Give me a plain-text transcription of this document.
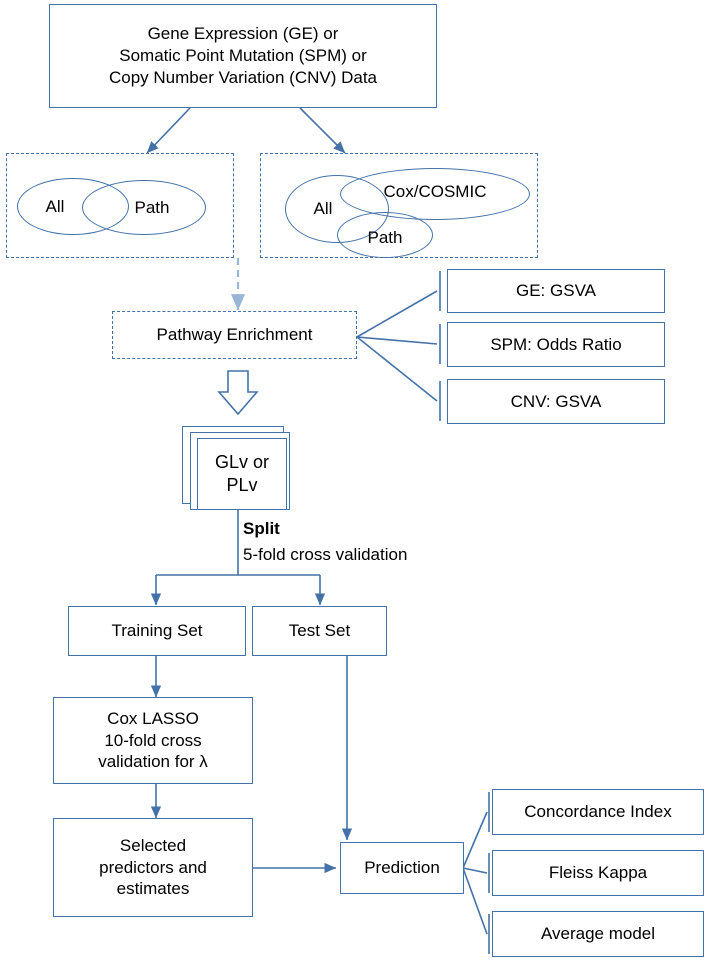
Gene Expression (GE) or
Somatic Point Mutation (SPM) or
Copy Number Variation (CNV) Data
All	Path	All
Cox/COSMIC
Path
Pathway Enrichment
GE: GSVA
SPM: Odds Ratio
CNV: GSVA
GLv or
PLv
Split
5-fold cross validation
Training Set	Test Set
Cox LASSO
10-fold cross
validation for λ
Selected
predictors and
estimates
Prediction
Concordance Index
Fleiss Kappa
Average model
